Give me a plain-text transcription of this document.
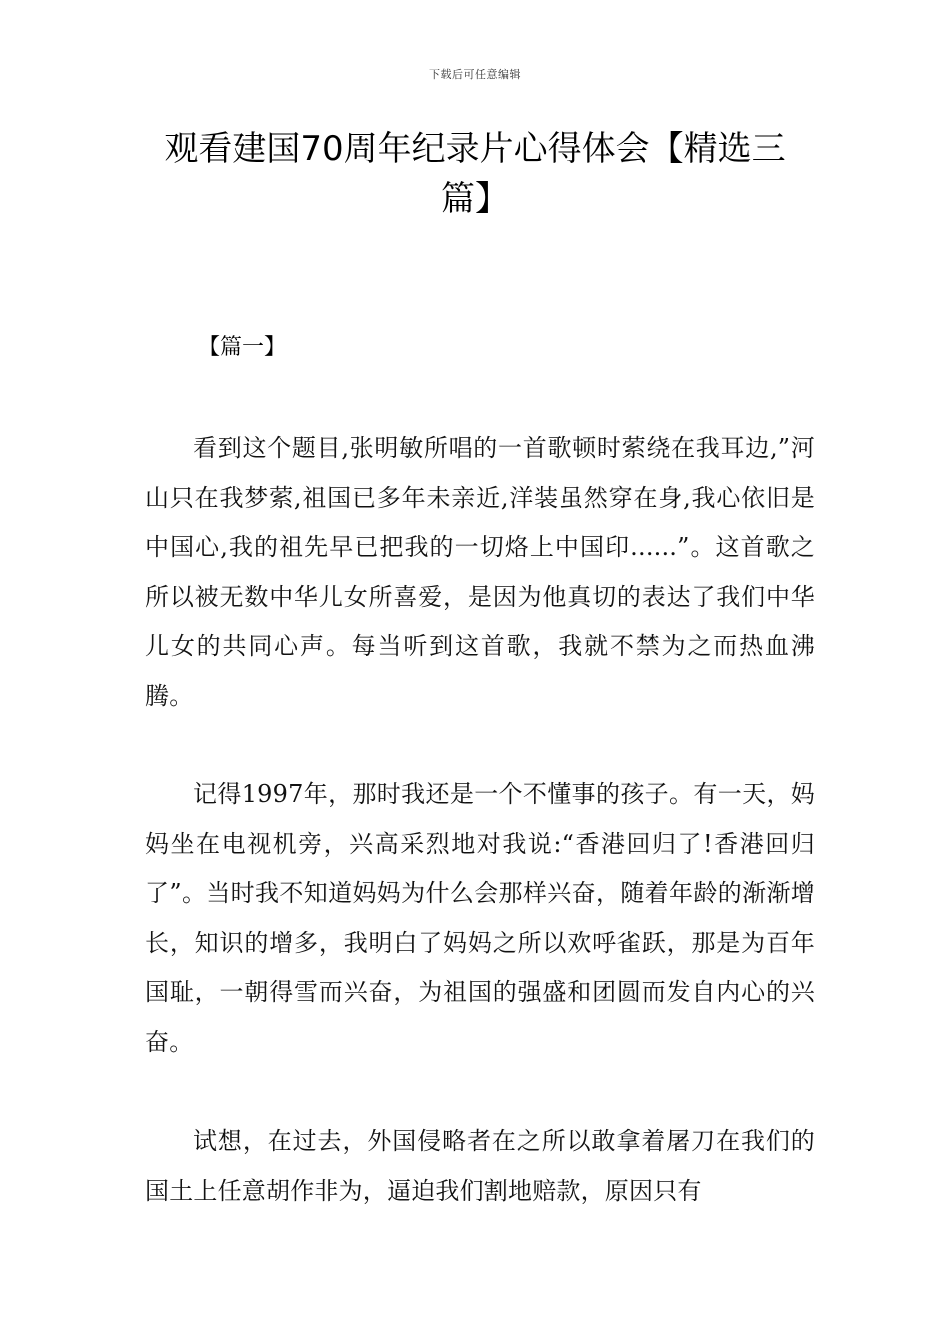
下载后可任意编辑
观看建国70周年纪录片心得体会【精选三篇】
【篇一】

看到这个题目,张明敏所唱的一首歌顿时萦绕在我耳边,”河山只在我梦萦,祖国已多年未亲近,洋装虽然穿在身,我心依旧是中国心,我的祖先早已把我的一切烙上中国印......”。这首歌之所以被无数中华儿女所喜爱，是因为他真切的表达了我们中华儿女的共同心声。每当听到这首歌，我就不禁为之而热血沸腾。

记得1997年，那时我还是一个不懂事的孩子。有一天，妈妈坐在电视机旁，兴高采烈地对我说:“香港回归了!香港回归了”。当时我不知道妈妈为什么会那样兴奋，随着年龄的渐渐增长，知识的增多，我明白了妈妈之所以欢呼雀跃，那是为百年国耻，一朝得雪而兴奋，为祖国的强盛和团圆而发自内心的兴奋。

试想，在过去，外国侵略者在之所以敢拿着屠刀在我们的国土上任意胡作非为，逼迫我们割地赔款，原因只有
